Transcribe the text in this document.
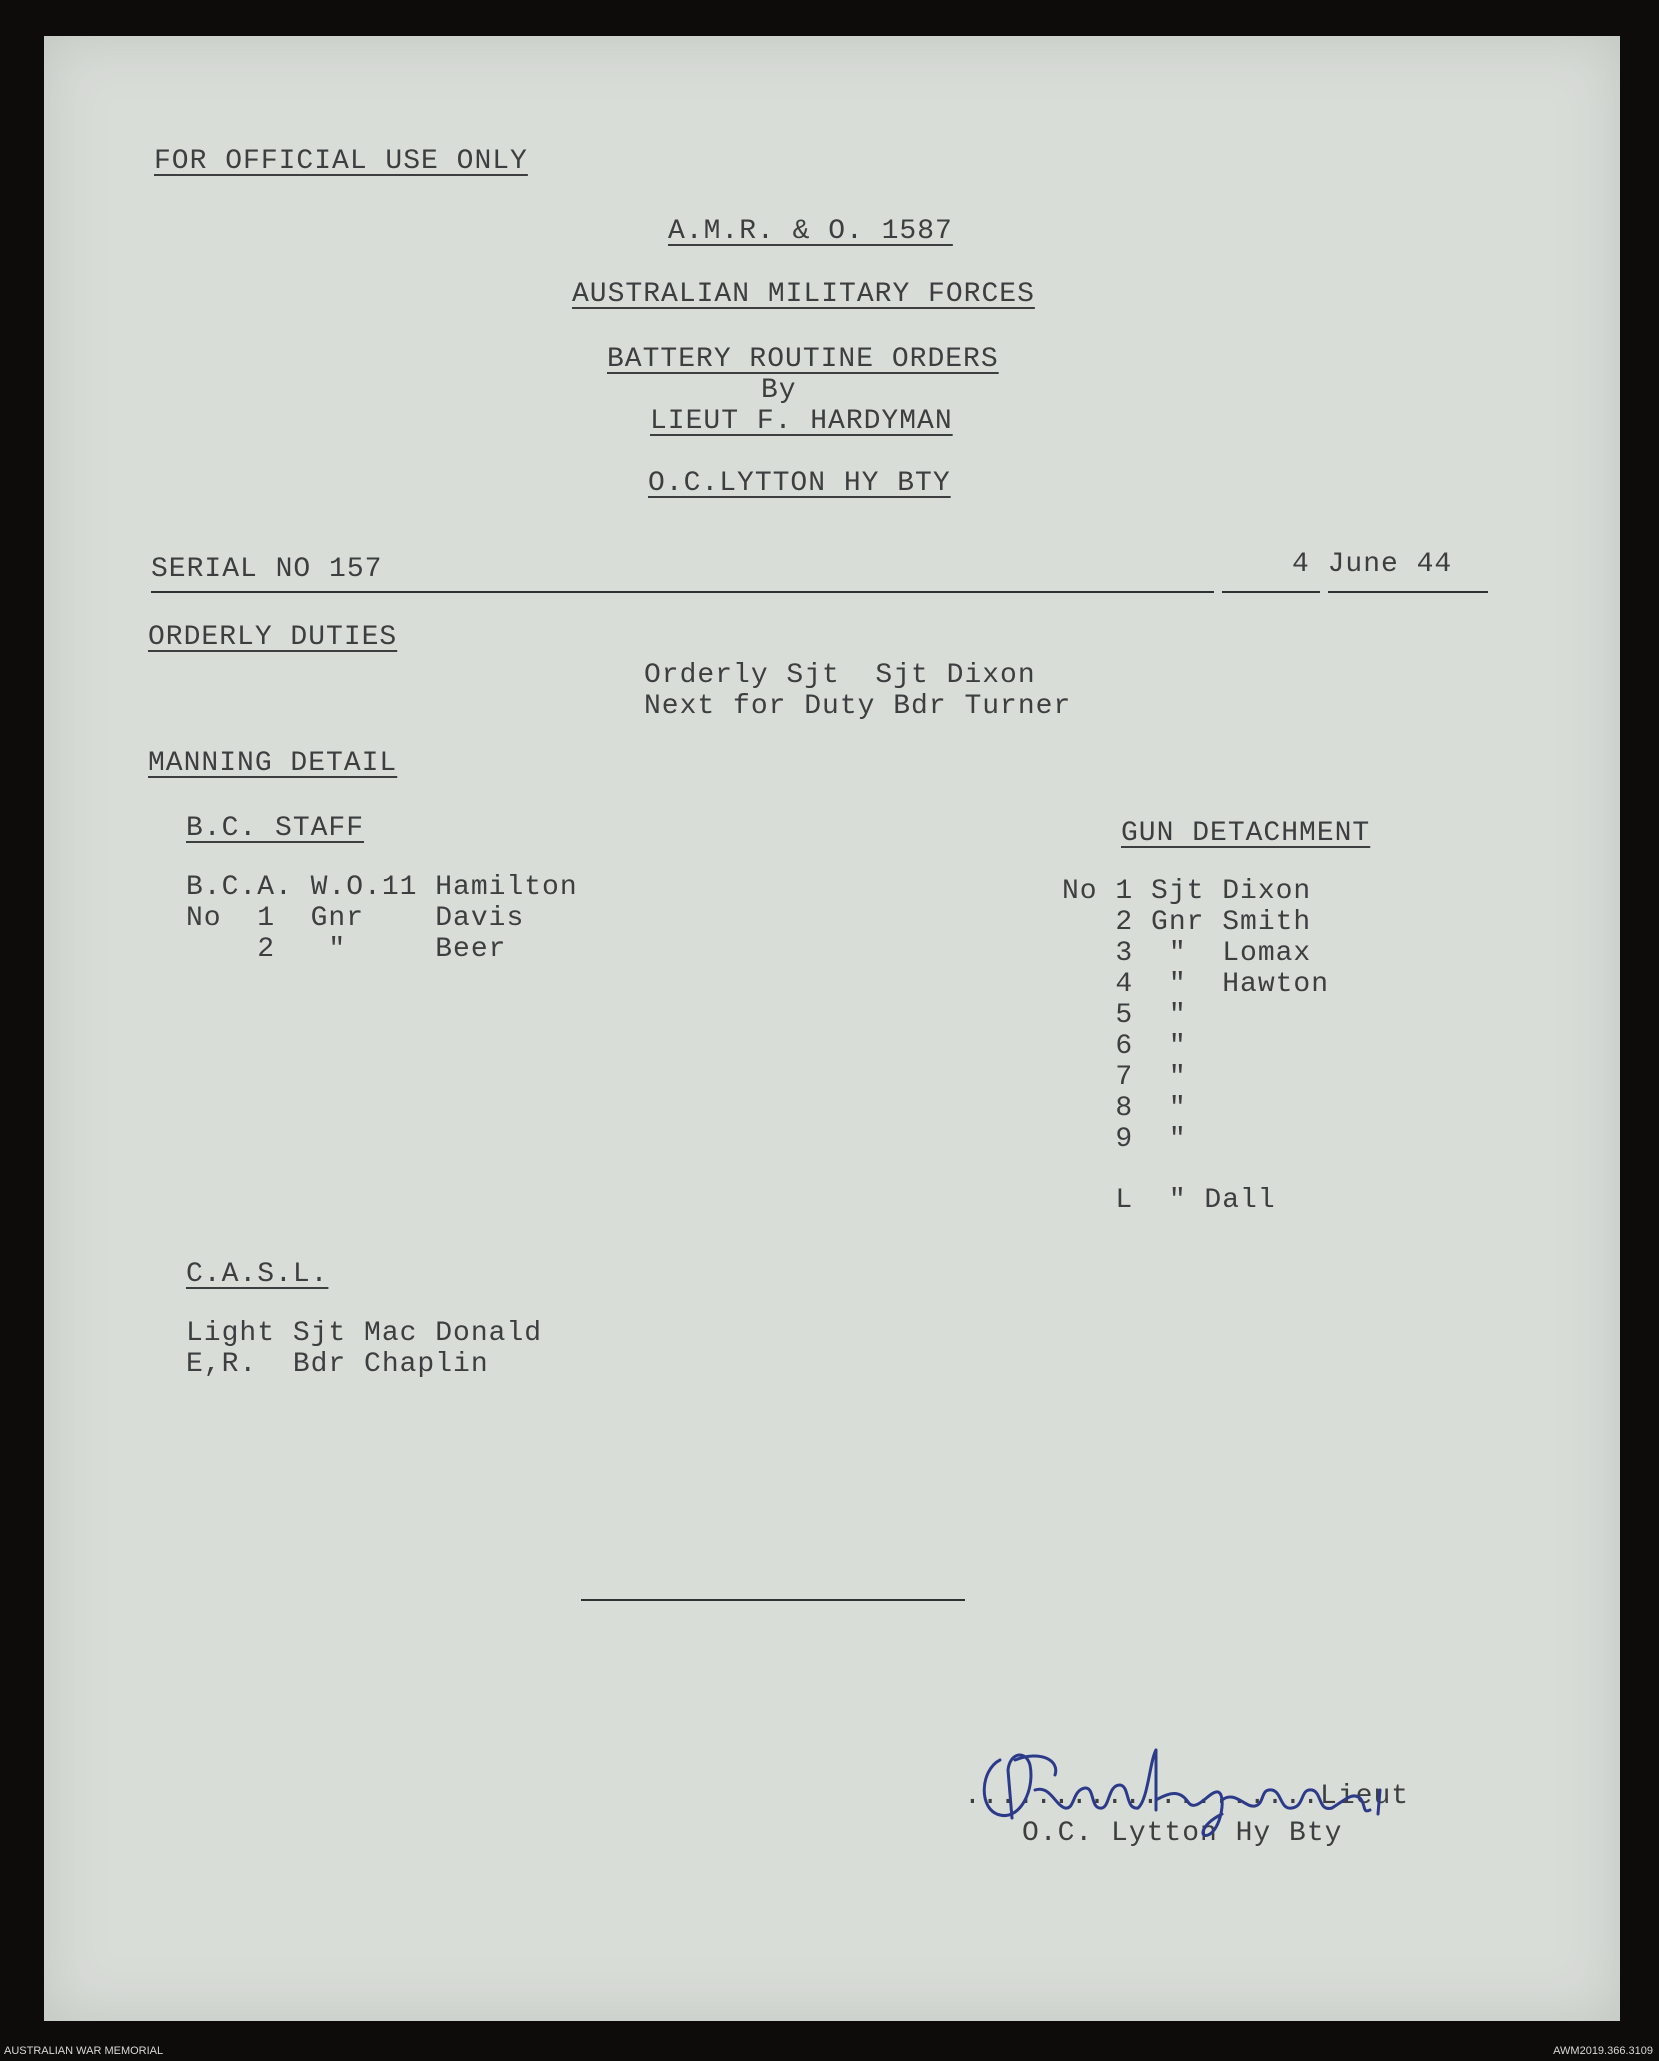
FOR OFFICIAL USE ONLY
A.M.R. & O. 1587
AUSTRALIAN MILITARY FORCES
BATTERY ROUTINE ORDERS
By
LIEUT F. HARDYMAN
O.C.LYTTON HY BTY
SERIAL NO 157	4 June 44
ORDERLY DUTIES
Orderly Sjt  Sjt Dixon
Next for Duty Bdr Turner
MANNING DETAIL
B.C. STAFF
B.C.A. W.O.11 Hamilton
No  1  Gnr    Davis
2   "     Beer
GUN DETACHMENT
No 1 Sjt Dixon
2 Gnr Smith
3  "  Lomax
4  "  Hawton
5  "
6  "
7  "
8  "
9  "
L  " Dall
C.A.S.L.
Light Sjt Mac Donald
E,R.  Bdr Chaplin
....................Lieut
O.C. Lytton Hy Bty
AUSTRALIAN WAR MEMORIAL	AWM2019.366.3109
